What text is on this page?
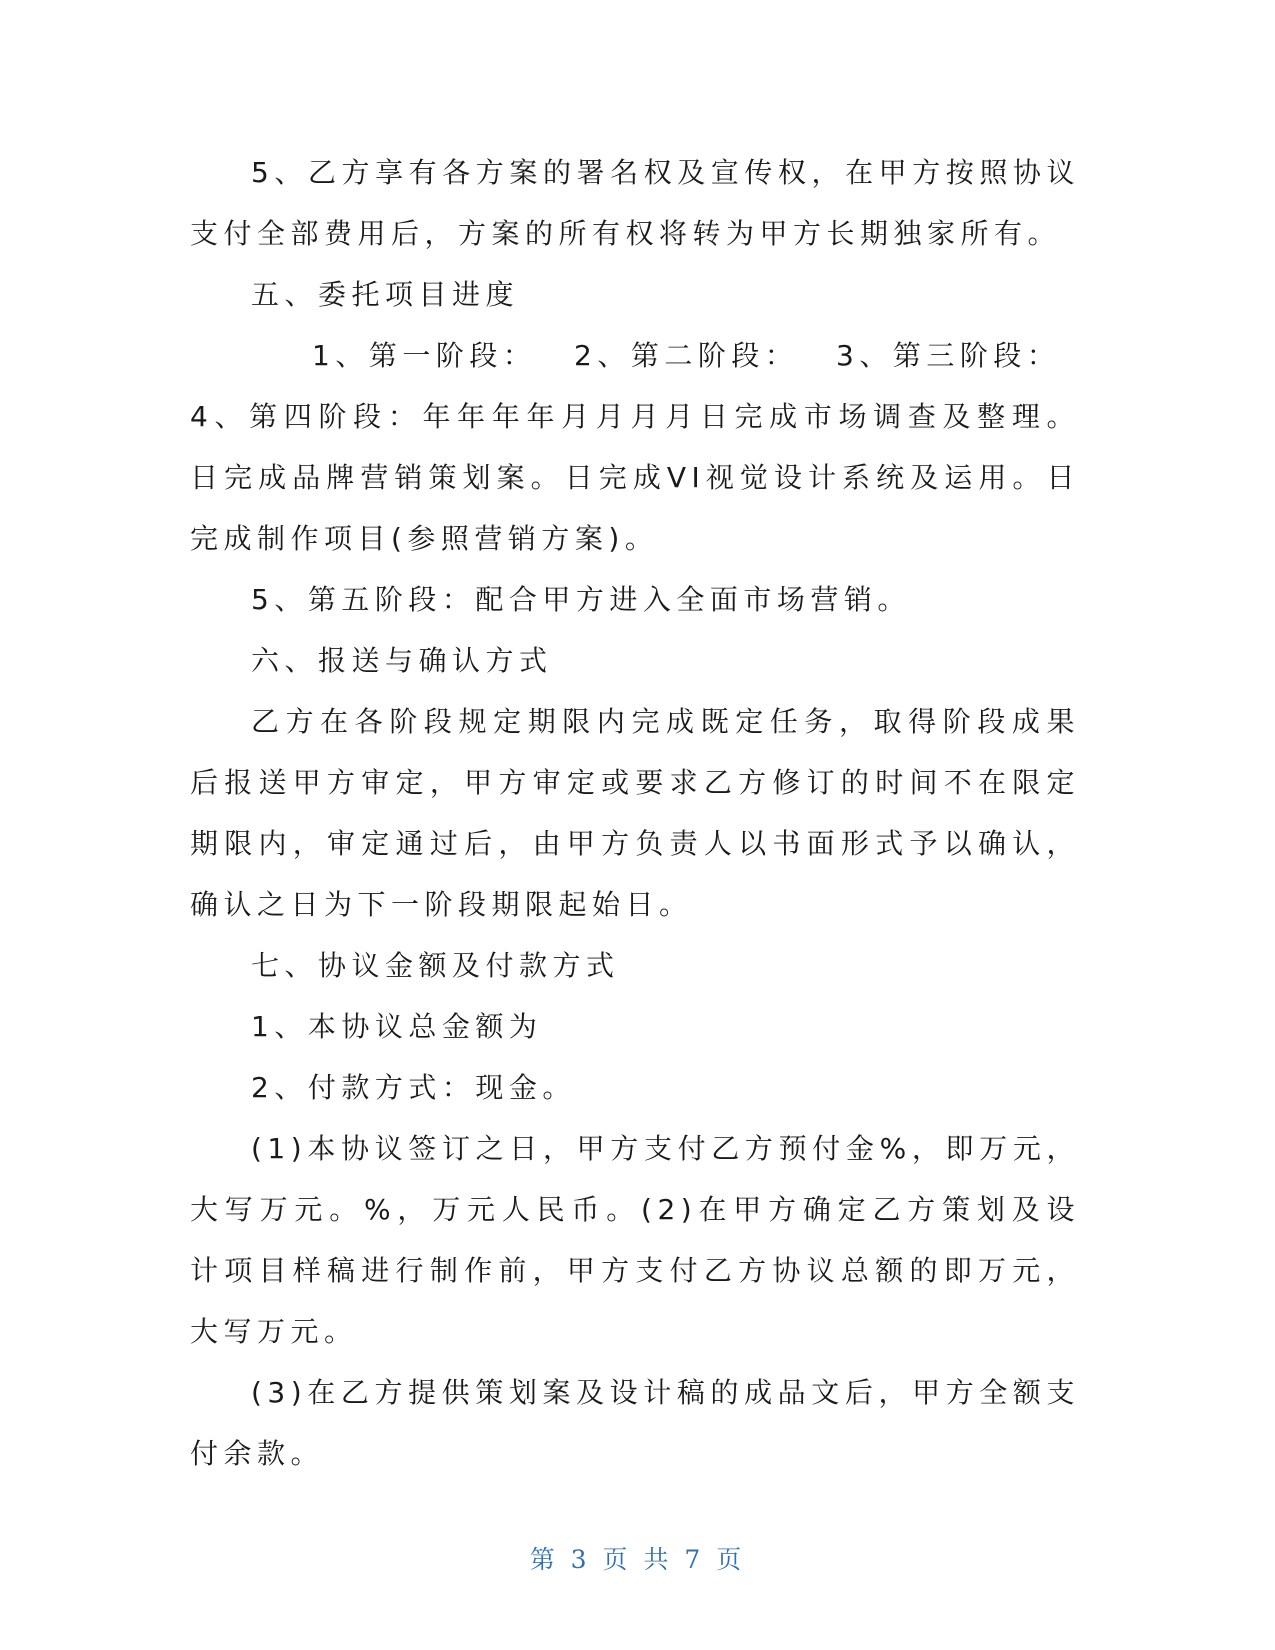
5、乙方享有各方案的署名权及宣传权，在甲方按照协议支付全部费用后，方案的所有权将转为甲方长期独家所有。

五、委托项目进度

1、第一阶段： 2、第二阶段： 3、第三阶段：

4、第四阶段：年年年年月月月月日完成市场调查及整理。日完成品牌营销策划案。日完成VI视觉设计系统及运用。日完成制作项目(参照营销方案)。

5、第五阶段：配合甲方进入全面市场营销。

六、报送与确认方式

乙方在各阶段规定期限内完成既定任务，取得阶段成果后报送甲方审定，甲方审定或要求乙方修订的时间不在限定期限内，审定通过后，由甲方负责人以书面形式予以确认，确认之日为下一阶段期限起始日。

七、协议金额及付款方式

1、本协议总金额为

2、付款方式：现金。

(1)本协议签订之日，甲方支付乙方预付金%，即万元，大写万元。%，万元人民币。(2)在甲方确定乙方策划及设计项目样稿进行制作前，甲方支付乙方协议总额的即万元，大写万元。

(3)在乙方提供策划案及设计稿的成品文后，甲方全额支付余款。

第 3 页 共 7 页
